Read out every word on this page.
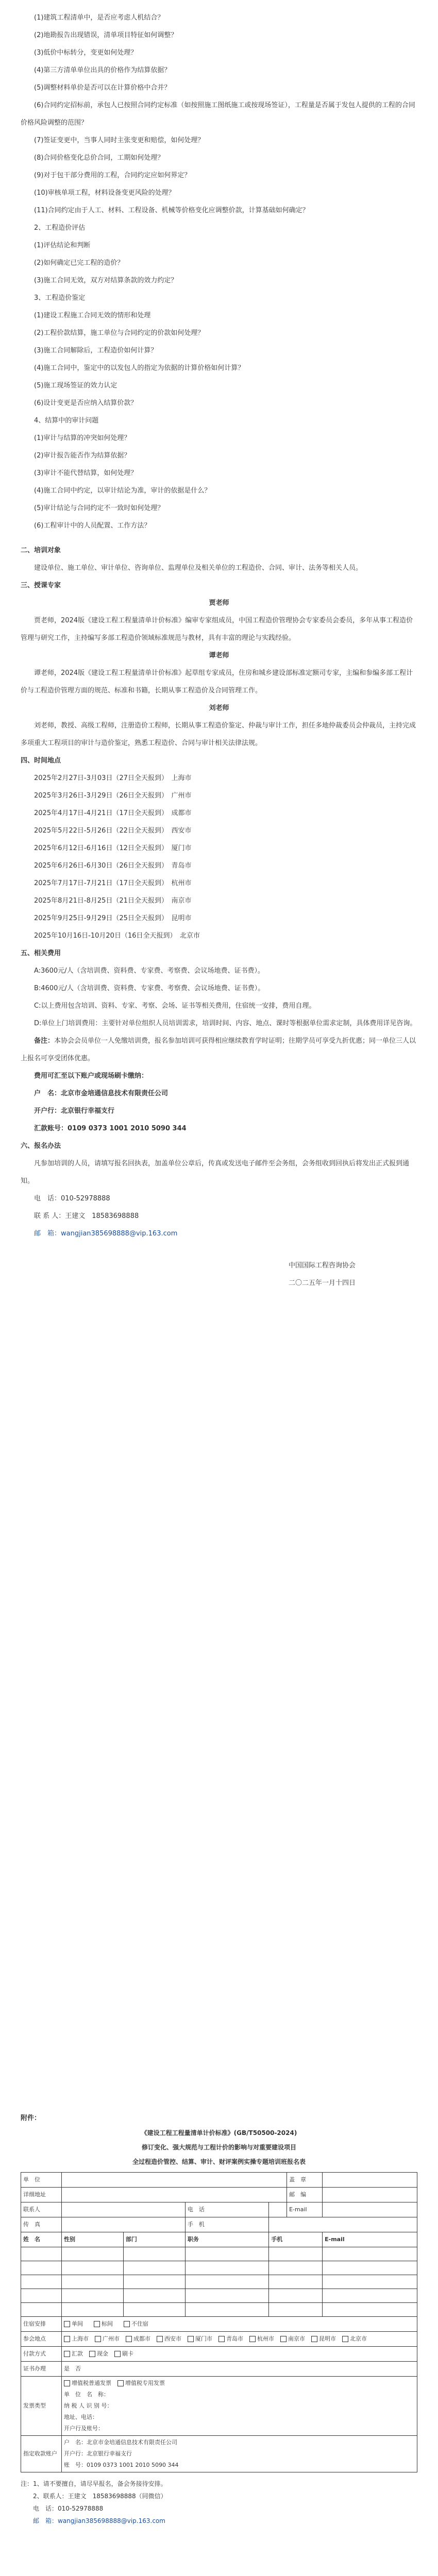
(1)建筑工程清单中，是否应考虑人机结合？

(2)地勘报告出现错误，清单项目特征如何调整？

(3)低价中标转分，变更如何处理？

(4)第三方清单单位出具的价格作为结算依据？

(5)调整材料单价是否可以在计算价格中合并？

(6)合同约定招标前，承包人已按照合同约定标准（如按照施工图纸施工或按现场签证），工程量是否属于发包人提供的工程的合同价格风险调整的范围？

(7)签证变更中，当事人同时主张变更和赔偿，如何处理？

(8)合同价格变化总价合同，工期如何处理？

(9)对于包干部分费用的工程，合同约定应如何界定？

(10)审核单项工程，材料设备变更风险的处理？

(11)合同约定由于人工、材料、工程设备、机械等价格变化应调整价款，计算基础如何确定？

2、工程造价评估

(1)评估结论和判断

(2)如何确定已完工程的造价？

(3)施工合同无效，双方对结算条款的效力约定？

3、工程造价鉴定

(1)建设工程施工合同无效的情形和处理

(2)工程价款结算，施工单位与合同约定的价款如何处理？

(3)施工合同解除后，工程造价如何计算？

(4)施工合同中，鉴定中的以发包人的指定为依据的计算价格如何计算？

(5)施工现场签证的效力认定

(6)设计变更是否应纳入结算价款？

4、结算中的审计问题

(1)审计与结算的冲突如何处理？

(2)审计报告能否作为结算依据？

(3)审计不能代替结算，如何处理？

(4)施工合同中约定，以审计结论为准，审计的依据是什么？

(5)审计结论与合同约定不一致时如何处理？

(6)工程审计中的人员配置、工作方法？

二、培训对象

建设单位、施工单位、审计单位、咨询单位、监理单位及相关单位的工程造价、合同、审计、法务等相关人员。

三、授课专家

贾老师

贾老师，2024版《建设工程工程量清单计价标准》编审专家组成员，中国工程造价管理协会专家委员会委员，多年从事工程造价管理与研究工作，主持编写多部工程造价领域标准规范与教材，具有丰富的理论与实践经验。

谭老师

谭老师，2024版《建设工程工程量清单计价标准》起草组专家成员，住房和城乡建设部标准定额司专家，主编和参编多部工程计价与工程造价管理方面的规范、标准和书籍，长期从事工程造价及合同管理工作。

刘老师

刘老师，教授、高级工程师，注册造价工程师，长期从事工程造价鉴定、仲裁与审计工作，担任多地仲裁委员会仲裁员，主持完成多项重大工程项目的审计与造价鉴定，熟悉工程造价、合同与审计相关法律法规。

四、时间地点

2025年2月27日-3月03日（27日全天报到）　上海市

2025年3月26日-3月29日（26日全天报到）　广州市

2025年4月17日-4月21日（17日全天报到）　成都市

2025年5月22日-5月26日（22日全天报到）　西安市

2025年6月12日-6月16日（12日全天报到）　厦门市

2025年6月26日-6月30日（26日全天报到）　青岛市

2025年7月17日-7月21日（17日全天报到）　杭州市

2025年8月21日-8月25日（21日全天报到）　南京市

2025年9月25日-9月29日（25日全天报到）　昆明市

2025年10月16日-10月20日（16日全天报到）　北京市

五、相关费用

A:3600元/人（含培训费、资料费、专家费、考察费、会议场地费、证书费）。

B:4600元/人（含培训费、资料费、专家费、考察费、会议场地费、证书费）。

C:以上费用包含培训、资料、专家、考察、会场、证书等相关费用，住宿统一安排，费用自理。

D:单位上门培训费用：主要针对单位组织人员培训需求，培训时间、内容、地点、课时等根据单位需求定制，具体费用详见咨询。

备注：本协会会员单位一人免缴培训费，报名参加培训可获得相应继续教育学时证明；往期学员可享受九折优惠；同一单位三人以上报名可享受团体优惠。

费用可汇至以下账户或现场刷卡缴纳：

户　名：北京市金培通信息技术有限责任公司

开户行：北京银行幸福支行

汇款账号：0109 0373 1001 2010 5090 344

六、报名办法

凡参加培训的人员，请填写报名回执表，加盖单位公章后，传真或发送电子邮件至会务组，会务组收到回执后将发出正式报到通知。

电　话：010-52978888

联 系 人：王建文　18583698888

邮　箱：wangjian385698888@vip.163.com

中国国际工程咨询协会

二〇二五年一月十四日

附件：

《建设工程工程量清单计价标准》(GB/T50500-2024)

修订变化、强大规范与工程计价的影响与对重要建设项目

全过程造价管控、结算、审计、财评案例实操专题培训班报名表

单　位					盖　章	
详细地址					邮　编	
联系人			电　话		E-mail	
传　真			手　机			
姓　名	性别	部门	职务	手机		E-mail

住宿安排	单间 标间 不住宿					
参会地点	上海市 广州市 成都市 西安市 厦门市 青岛市 杭州市 南京市 昆明市 北京市					
付款方式	汇款 现金 刷卡					
证书办理	是　否					
发票类型	增值税普通发票 增值税专用发票
单　位　名　称：
纳 税 人 识 别 号：
地址、电话：
开户行及账号：					

指定收款账户	户　名：北京市金培通信息技术有限责任公司
开户行：北京银行幸福支行
账　号：0109 0373 1001 2010 5090 344					
注：1、请不要擅自，请尽早报名，备会务接待安排。
2、联系人：王建文　18583698888（同微信）
电　话：010-52978888
邮　箱：wangjian385698888@vip.163.com
